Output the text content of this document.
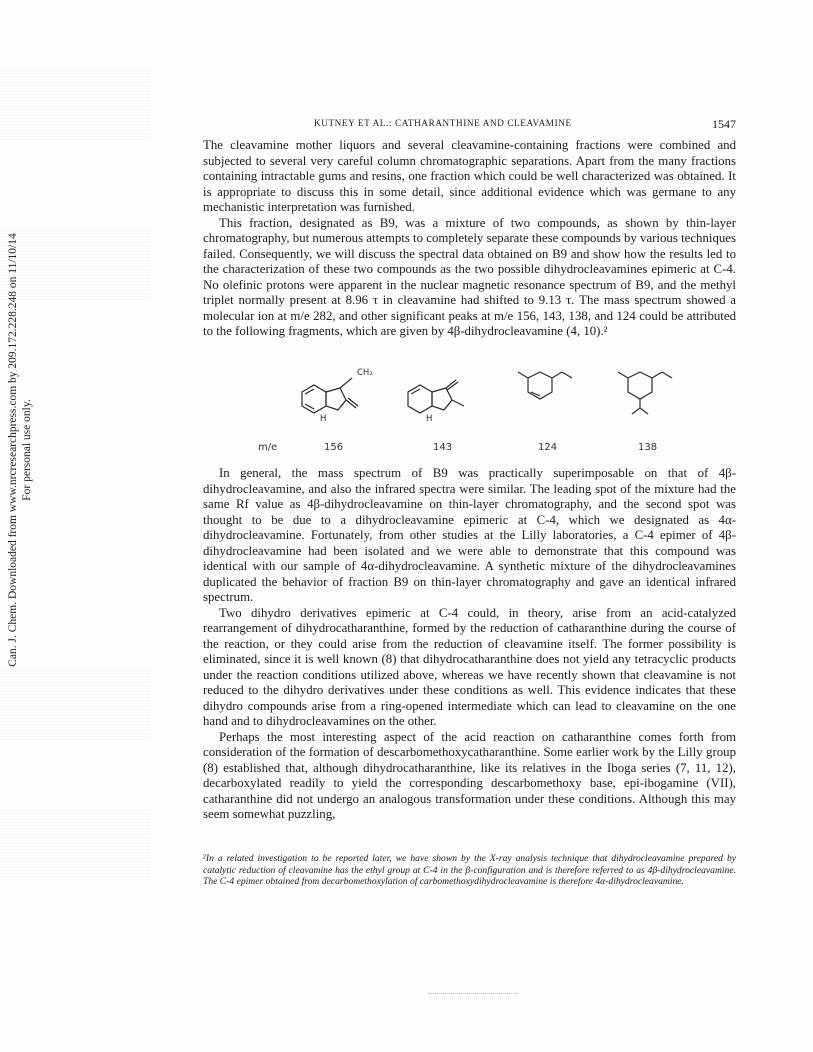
Can. J. Chem. Downloaded from www.nrcresearchpress.com by 209.172.228.248 on 11/10/14 For personal use only.
KUTNEY ET AL.: CATHARANTHINE AND CLEAVAMINE	1547

The cleavamine mother liquors and several cleavamine-containing fractions were combined and subjected to several very careful column chromatographic separations. Apart from the many fractions containing intractable gums and resins, one fraction which could be well characterized was obtained. It is appropriate to discuss this in some detail, since additional evidence which was germane to any mechanistic interpretation was furnished.

This fraction, designated as B9, was a mixture of two compounds, as shown by thin-layer chromatography, but numerous attempts to completely separate these compounds by various techniques failed. Consequently, we will discuss the spectral data obtained on B9 and show how the results led to the characterization of these two compounds as the two possible dihydrocleavamines epimeric at C-4. No olefinic protons were apparent in the nuclear magnetic resonance spectrum of B9, and the methyl triplet normally present at 8.96 τ in cleavamine had shifted to 9.13 τ. The mass spectrum showed a molecular ion at m/e 282, and other significant peaks at m/e 156, 143, 138, and 124 could be attributed to the following fragments, which are given by 4β-dihydrocleavamine (4, 10).²

CH₂
H	H
m/e	156	143	124	138

In general, the mass spectrum of B9 was practically superimposable on that of 4β-dihydrocleavamine, and also the infrared spectra were similar. The leading spot of the mixture had the same Rf value as 4β-dihydrocleavamine on thin-layer chromatography, and the second spot was thought to be due to a dihydrocleavamine epimeric at C-4, which we designated as 4α-dihydrocleavamine. Fortunately, from other studies at the Lilly laboratories, a C-4 epimer of 4β-dihydrocleavamine had been isolated and we were able to demonstrate that this compound was identical with our sample of 4α-dihydrocleavamine. A synthetic mixture of the dihydrocleavamines duplicated the behavior of fraction B9 on thin-layer chromatography and gave an identical infrared spectrum.

Two dihydro derivatives epimeric at C-4 could, in theory, arise from an acid-catalyzed rearrangement of dihydrocatharanthine, formed by the reduction of catharanthine during the course of the reaction, or they could arise from the reduction of cleavamine itself. The former possibility is eliminated, since it is well known (8) that dihydrocatharanthine does not yield any tetracyclic products under the reaction conditions utilized above, whereas we have recently shown that cleavamine is not reduced to the dihydro derivatives under these conditions as well. This evidence indicates that these dihydro compounds arise from a ring-opened intermediate which can lead to cleavamine on the one hand and to dihydrocleavamines on the other.

Perhaps the most interesting aspect of the acid reaction on catharanthine comes forth from consideration of the formation of descarbomethoxycatharanthine. Some earlier work by the Lilly group (8) established that, although dihydrocatharanthine, like its relatives in the Iboga series (7, 11, 12), decarboxylated readily to yield the corresponding descarbomethoxy base, epi-ibogamine (VII), catharanthine did not undergo an analogous transformation under these conditions. Although this may seem somewhat puzzling,

²In a related investigation to be reported later, we have shown by the X-ray analysis technique that dihydrocleavamine prepared by catalytic reduction of cleavamine has the ethyl group at C-4 in the β-configuration and is therefore referred to as 4β-dihydrocleavamine. The C-4 epimer obtained from decarbomethoxylation of carbomethoxydihydrocleavamine is therefore 4α-dihydrocleavamine.
